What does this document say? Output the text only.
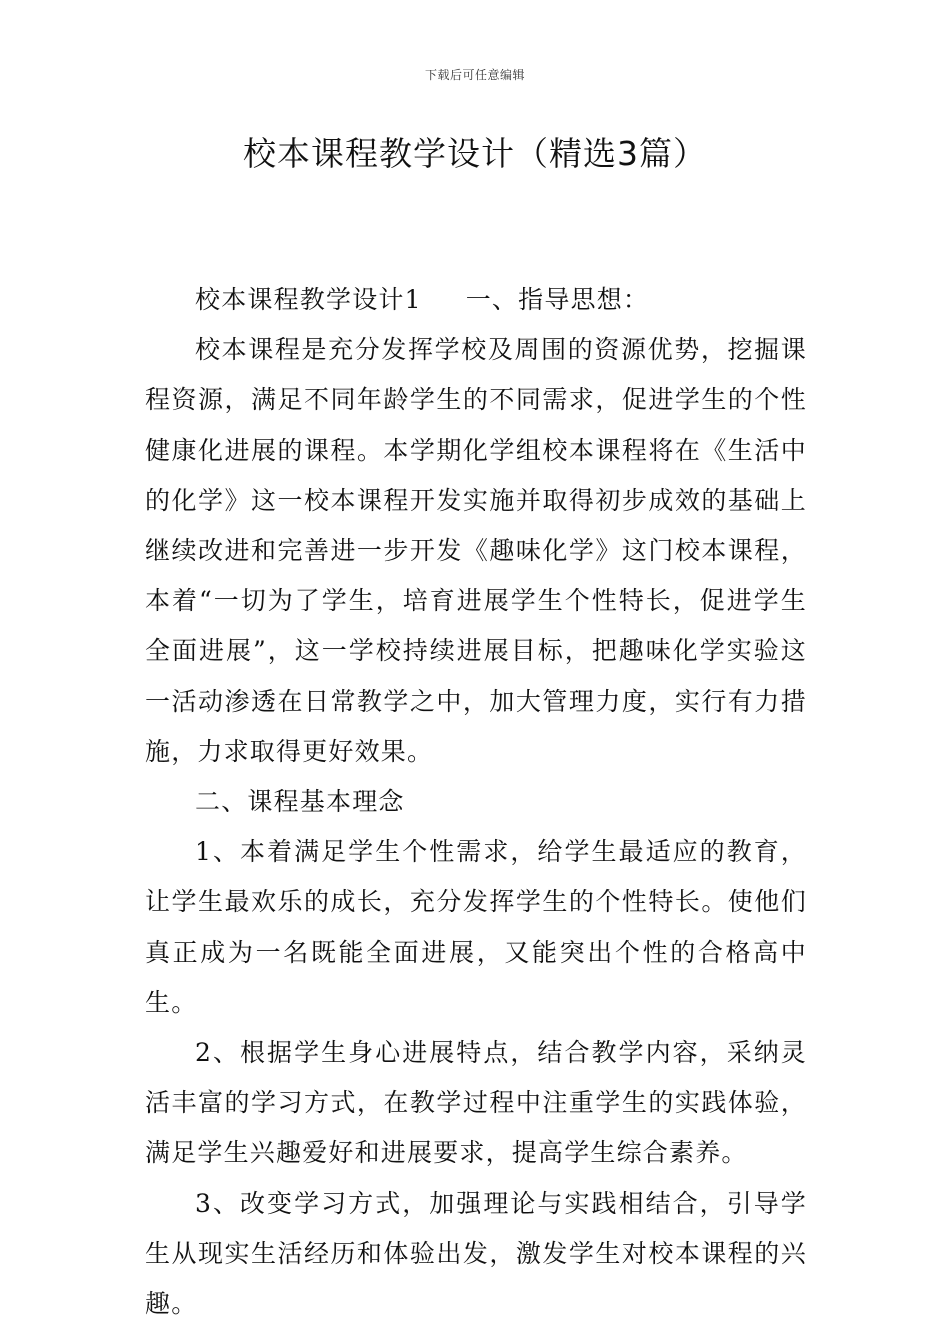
下载后可任意编辑
校本课程教学设计（精选3篇）

校本课程教学设计1 一、指导思想：

校本课程是充分发挥学校及周围的资源优势，挖掘课程资源，满足不同年龄学生的不同需求，促进学生的个性健康化进展的课程。本学期化学组校本课程将在《生活中的化学》这一校本课程开发实施并取得初步成效的基础上继续改进和完善进一步开发《趣味化学》这门校本课程，本着“一切为了学生，培育进展学生个性特长，促进学生全面进展”，这一学校持续进展目标，把趣味化学实验这一活动渗透在日常教学之中，加大管理力度，实行有力措施，力求取得更好效果。

二、课程基本理念

1、本着满足学生个性需求，给学生最适应的教育，让学生最欢乐的成长，充分发挥学生的个性特长。使他们真正成为一名既能全面进展，又能突出个性的合格高中生。

2、根据学生身心进展特点，结合教学内容，采纳灵活丰富的学习方式，在教学过程中注重学生的实践体验，满足学生兴趣爱好和进展要求，提高学生综合素养。

3、改变学习方式，加强理论与实践相结合，引导学生从现实生活经历和体验出发，激发学生对校本课程的兴趣。
